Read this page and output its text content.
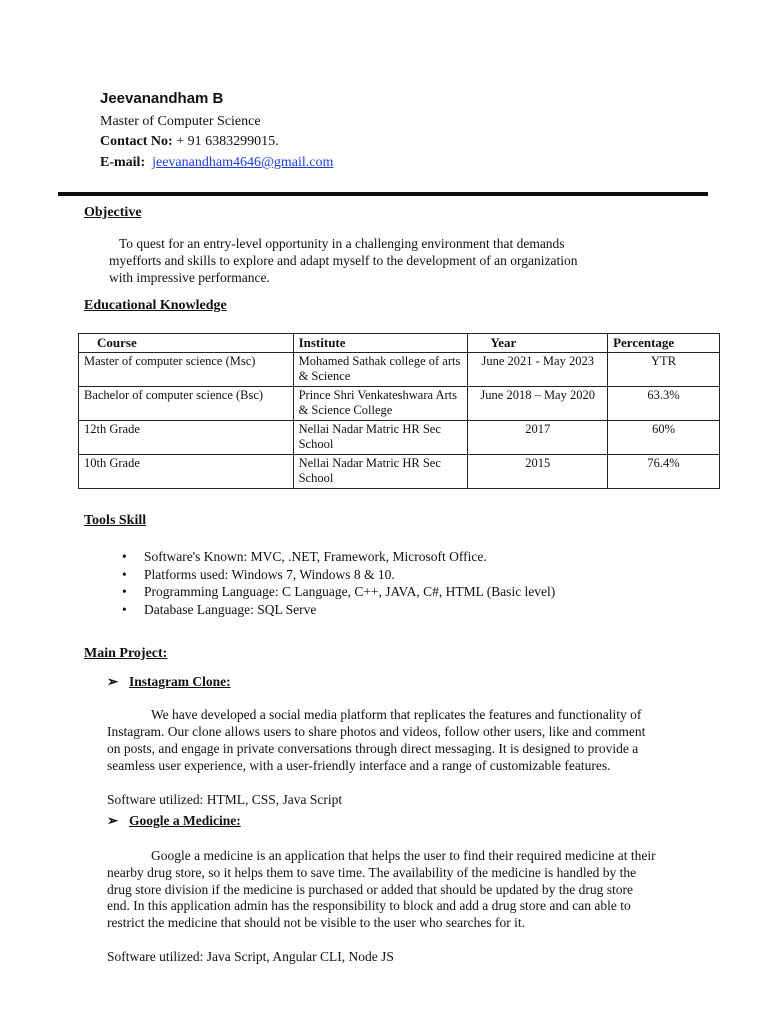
Jeevanandham B
Master of Computer Science
Contact No: + 91 6383299015.
E-mail: jeevanandham4646@gmail.com
Objective
To quest for an entry-level opportunity in a challenging environment that demands
myefforts and skills to explore and adapt myself to the development of an organization
with impressive performance.
Educational Knowledge
Course	Institute	Year	Percentage
Master of computer science (Msc)	Mohamed Sathak college of arts & Science	June 2021 - May 2023	YTR
Bachelor of computer science (Bsc)	Prince Shri Venkateshwara Arts & Science College	June 2018 – May 2020	63.3%
12th Grade	Nellai Nadar Matric HR Sec School	2017	60%
10th Grade	Nellai Nadar Matric HR Sec School	2015	76.4%
Tools Skill
• Software's Known: MVC, .NET, Framework, Microsoft Office.
• Platforms used: Windows 7, Windows 8 & 10.
• Programming Language: C Language, C++, JAVA, C#, HTML (Basic level)
• Database Language: SQL Serve
Main Project:
➢ Instagram Clone:
We have developed a social media platform that replicates the features and functionality of
Instagram. Our clone allows users to share photos and videos, follow other users, like and comment
on posts, and engage in private conversations through direct messaging. It is designed to provide a
seamless user experience, with a user-friendly interface and a range of customizable features.
Software utilized: HTML, CSS, Java Script
➢ Google a Medicine:
Google a medicine is an application that helps the user to find their required medicine at their
nearby drug store, so it helps them to save time. The availability of the medicine is handled by the
drug store division if the medicine is purchased or added that should be updated by the drug store
end. In this application admin has the responsibility to block and add a drug store and can able to
restrict the medicine that should not be visible to the user who searches for it.
Software utilized: Java Script, Angular CLI, Node JS
